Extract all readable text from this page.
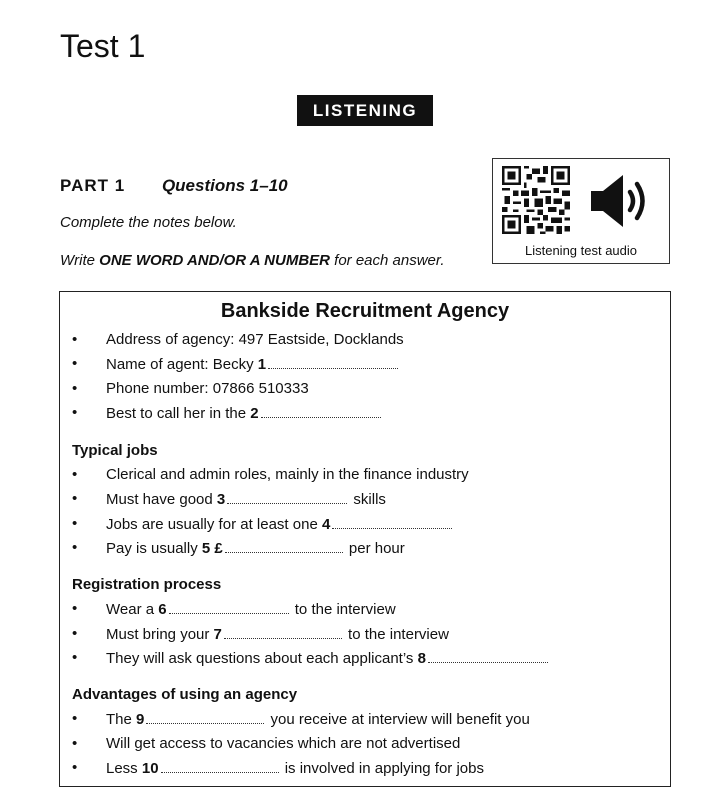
Test 1
LISTENING
PART 1 Questions 1–10
Complete the notes below.
Write ONE WORD AND/OR A NUMBER for each answer.
Listening test audio
Bankside Recruitment Agency
• Address of agency: 497 Eastside, Docklands
• Name of agent: Becky 1
• Phone number: 07866 510333
• Best to call her in the 2
Typical jobs
• Clerical and admin roles, mainly in the finance industry
• Must have good 3	skills
• Jobs are usually for at least one 4
• Pay is usually 5 £	per hour
Registration process
• Wear a 6	to the interview
• Must bring your 7	to the interview
• They will ask questions about each applicant’s 8
Advantages of using an agency
• The 9	you receive at interview will benefit you
• Will get access to vacancies which are not advertised
• Less 10	is involved in applying for jobs
